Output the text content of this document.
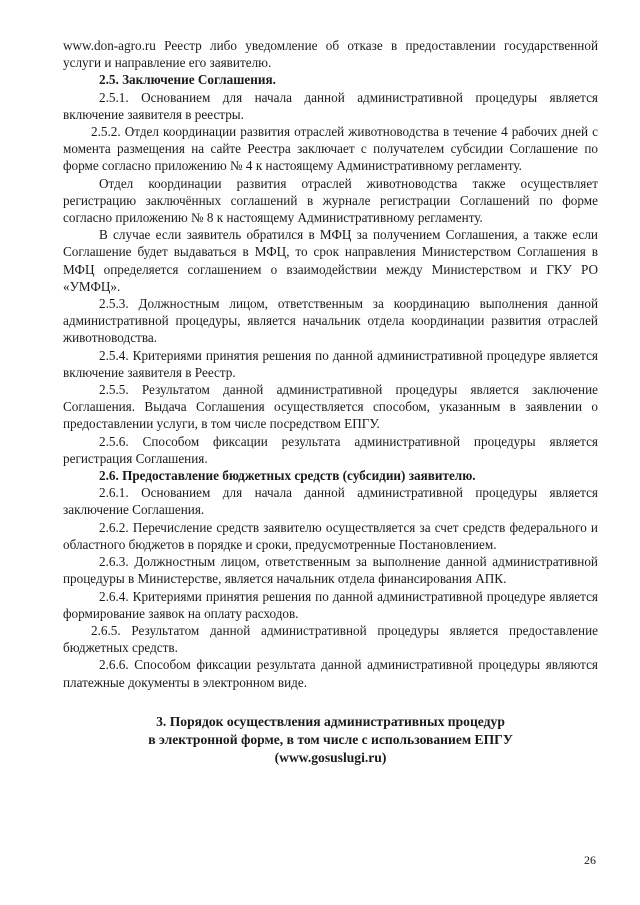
www.don-agro.ru Реестр либо уведомление об отказе в предоставлении государственной услуги и направление его заявителю.

2.5. Заключение Соглашения.

2.5.1. Основанием для начала данной административной процедуры является включение заявителя в реестры.

2.5.2. Отдел координации развития отраслей животноводства в течение 4 рабочих дней с момента размещения на сайте Реестра заключает с получателем субсидии Соглашение по форме согласно приложению № 4 к настоящему Административному регламенту.

Отдел координации развития отраслей животноводства также осуществляет регистрацию заключённых соглашений в журнале регистрации Соглашений по форме согласно приложению № 8 к настоящему Административному регламенту.

В случае если заявитель обратился в МФЦ за получением Соглашения, а также если Соглашение будет выдаваться в МФЦ, то срок направления Министерством Соглашения в МФЦ определяется соглашением о взаимодействии между Министерством и ГКУ РО «УМФЦ».

2.5.3. Должностным лицом, ответственным за координацию выполнения данной административной процедуры, является начальник отдела координации развития отраслей животноводства.

2.5.4. Критериями принятия решения по данной административной процедуре является включение заявителя в Реестр.

2.5.5. Результатом данной административной процедуры является заключение Соглашения. Выдача Соглашения осуществляется способом, указанным в заявлении о предоставлении услуги, в том числе посредством ЕПГУ.

2.5.6. Способом фиксации результата административной процедуры является регистрация Соглашения.

2.6. Предоставление бюджетных средств (субсидии) заявителю.

2.6.1. Основанием для начала данной административной процедуры является заключение Соглашения.

2.6.2. Перечисление средств заявителю осуществляется за счет средств федерального и областного бюджетов в порядке и сроки, предусмотренные Постановлением.

2.6.3. Должностным лицом, ответственным за выполнение данной административной процедуры в Министерстве, является начальник отдела финансирования АПК.

2.6.4. Критериями принятия решения по данной административной процедуре является формирование заявок на оплату расходов.

2.6.5. Результатом данной административной процедуры является предоставление бюджетных средств.

2.6.6. Способом фиксации результата данной административной процедуры являются платежные документы в электронном виде.

3. Порядок осуществления административных процедур
в электронной форме, в том числе с использованием ЕПГУ
(www.gosuslugi.ru)
26
